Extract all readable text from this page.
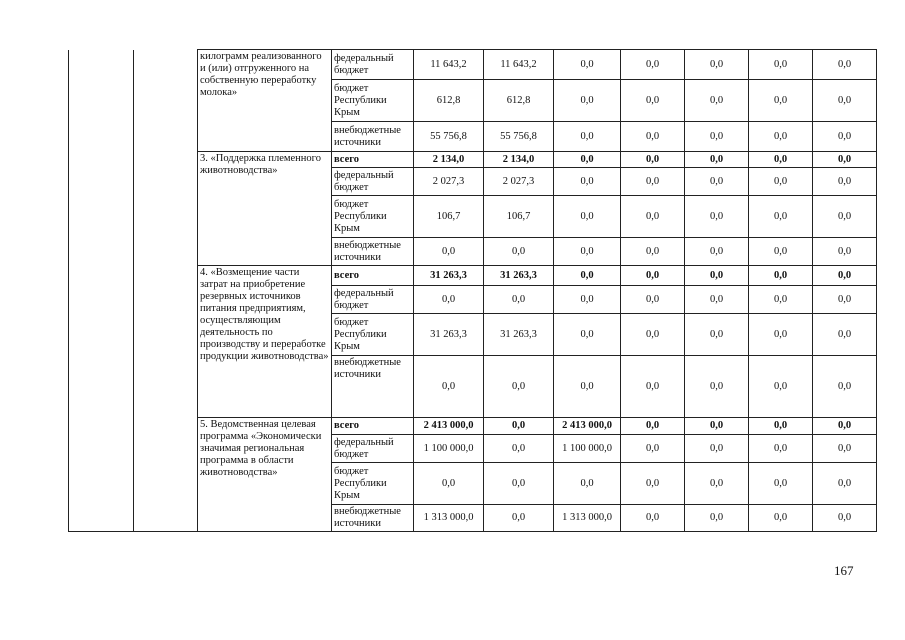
		килограмм реализованного и (или) отгруженного на собственную переработку молока»	федеральный бюджет	11 643,2	11 643,2	0,0	0,0	0,0	0,0	0,0
			бюджет Республики Крым	612,8	612,8	0,0	0,0	0,0	0,0	0,0
			внебюджетные источники	55 756,8	55 756,8	0,0	0,0	0,0	0,0	0,0
		3. «Поддержка племенного животноводства»	всего	2 134,0	2 134,0	0,0	0,0	0,0	0,0	0,0
			федеральный бюджет	2 027,3	2 027,3	0,0	0,0	0,0	0,0	0,0
			бюджет Республики Крым	106,7	106,7	0,0	0,0	0,0	0,0	0,0
			внебюджетные источники	0,0	0,0	0,0	0,0	0,0	0,0	0,0
		4. «Возмещение части затрат на приобретение резервных источников питания предприятиям, осуществляющим деятельность по производству и переработке продукции животноводства»	всего	31 263,3	31 263,3	0,0	0,0	0,0	0,0	0,0
			федеральный бюджет	0,0	0,0	0,0	0,0	0,0	0,0	0,0
			бюджет Республики Крым	31 263,3	31 263,3	0,0	0,0	0,0	0,0	0,0
			внебюджетные источники	0,0	0,0	0,0	0,0	0,0	0,0	0,0
		5. Ведомственная целевая программа «Экономически значимая региональная программа в области животноводства»	всего	2 413 000,0	0,0	2 413 000,0	0,0	0,0	0,0	0,0
			федеральный бюджет	1 100 000,0	0,0	1 100 000,0	0,0	0,0	0,0	0,0
			бюджет Республики Крым	0,0	0,0	0,0	0,0	0,0	0,0	0,0
			внебюджетные источники	1 313 000,0	0,0	1 313 000,0	0,0	0,0	0,0	0,0
167
